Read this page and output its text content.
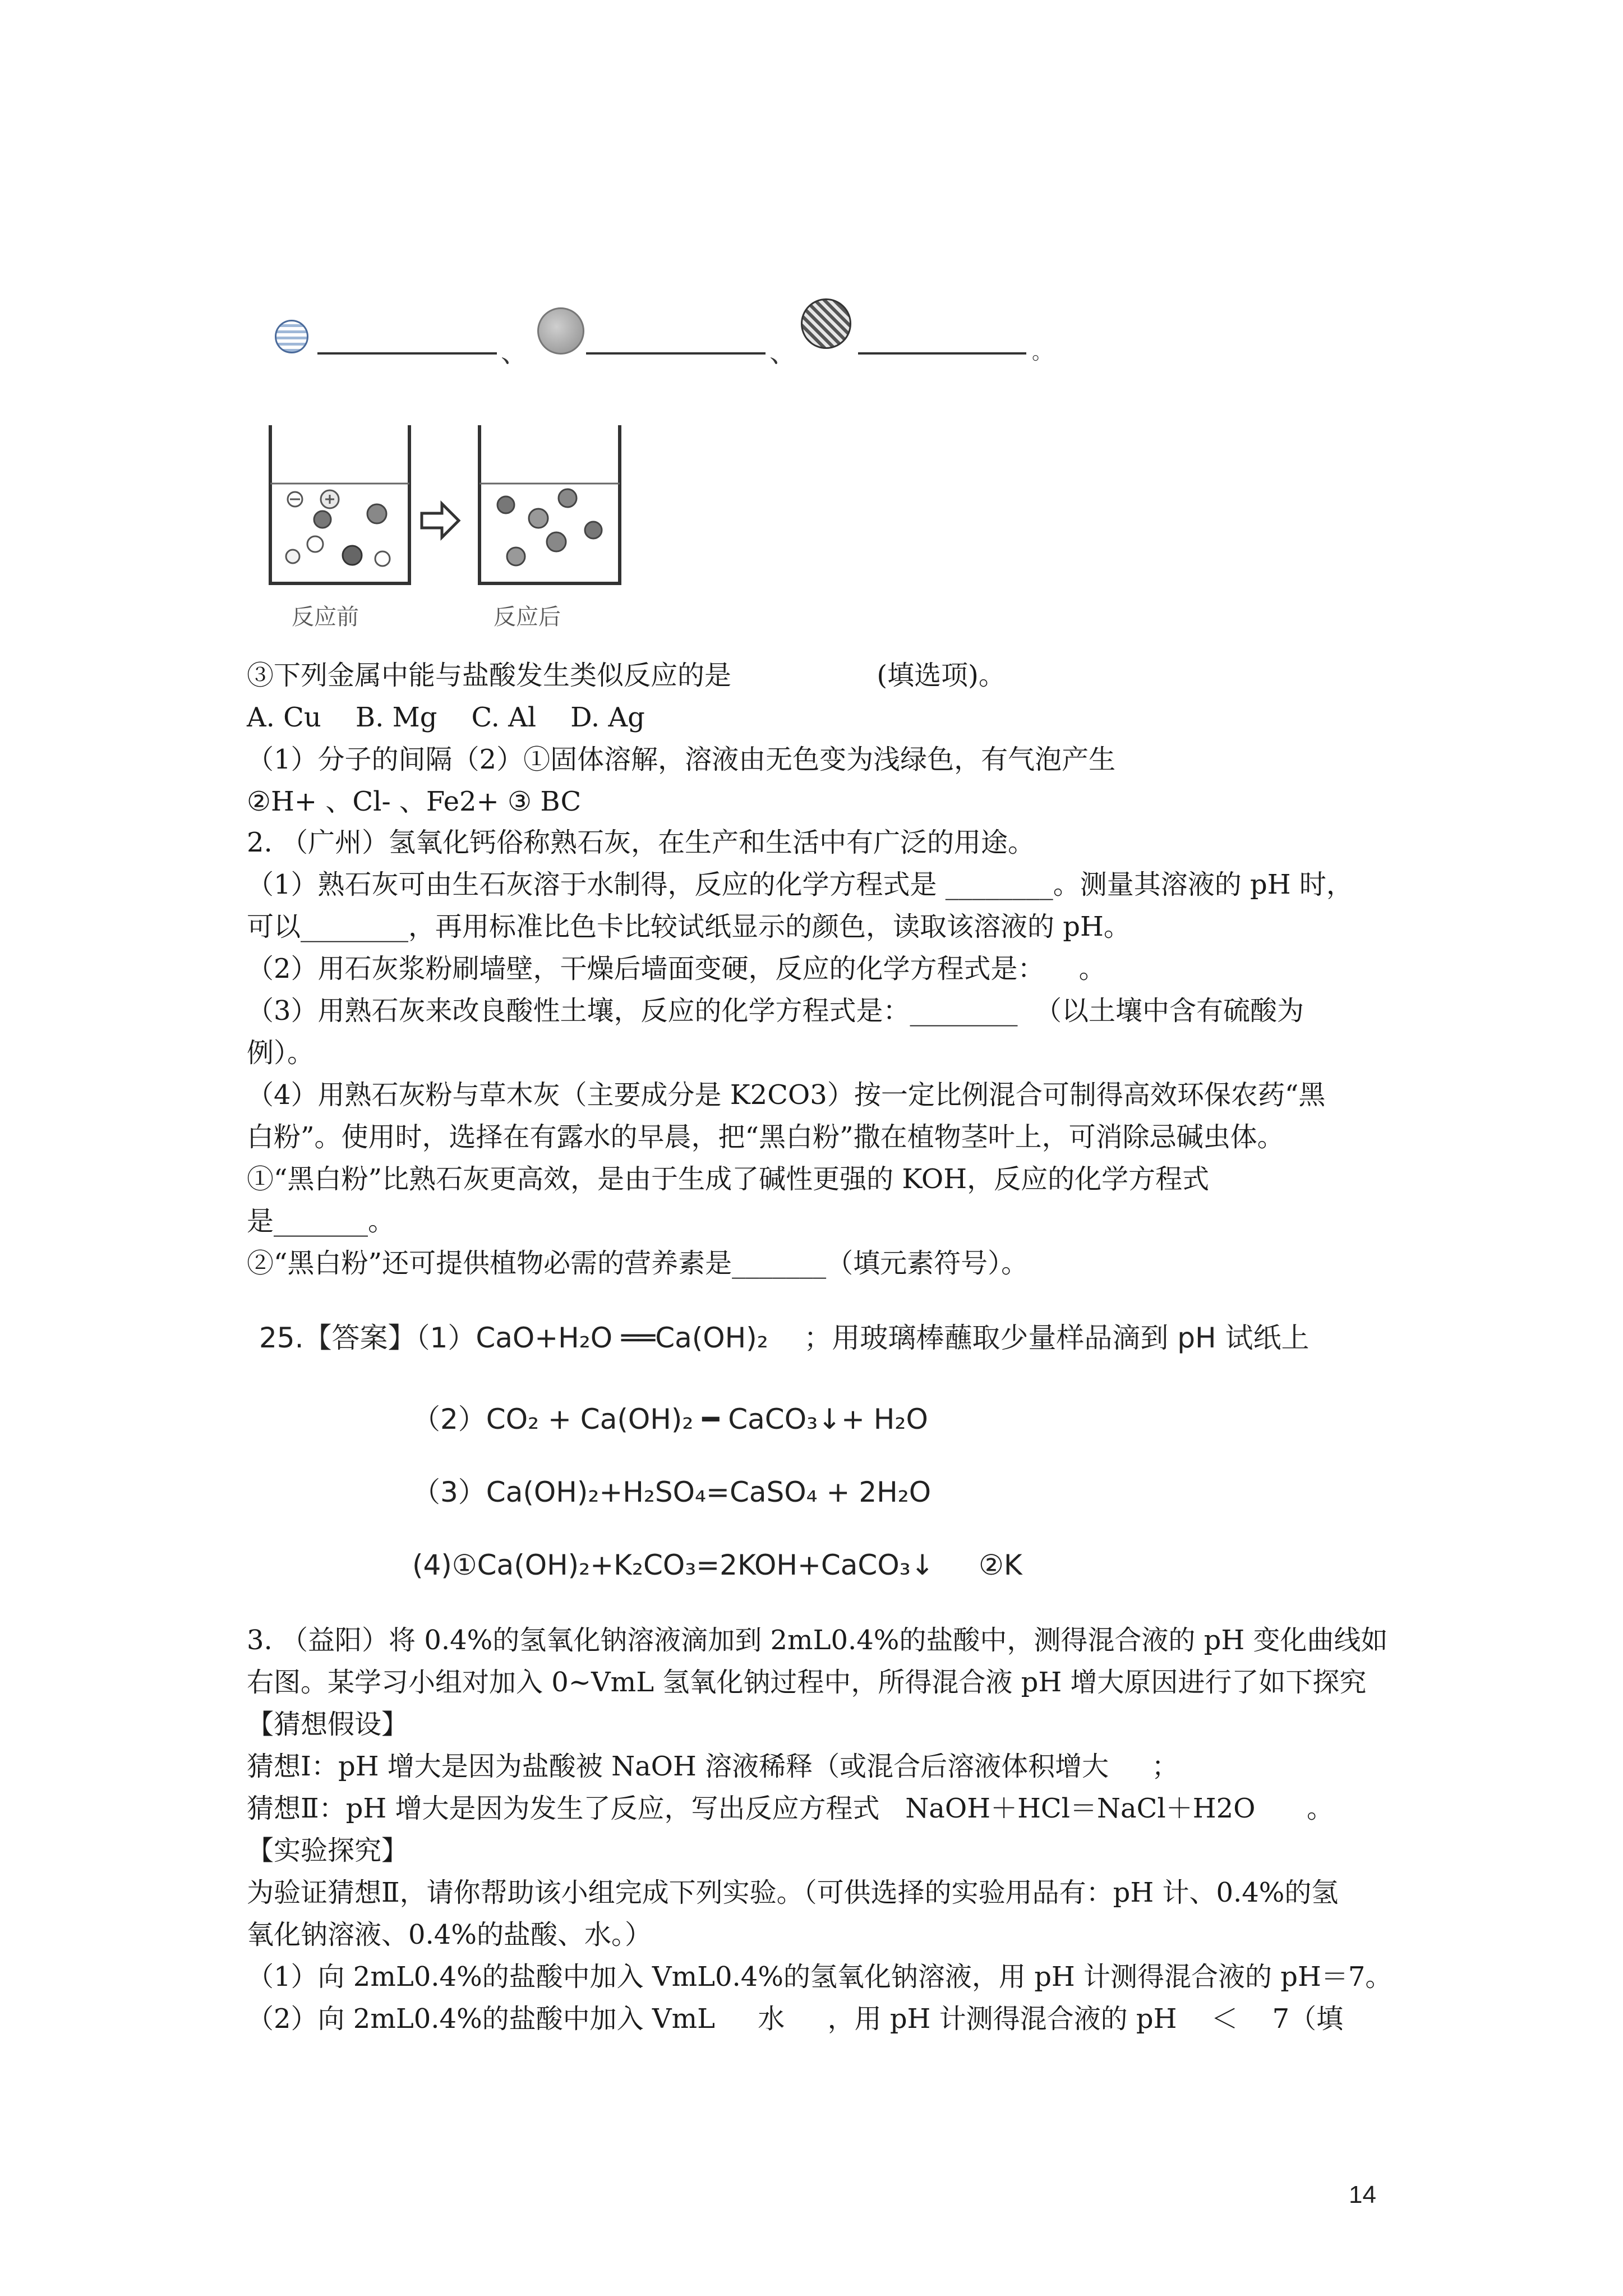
、	、	。
反应前	反应后
③下列金属中能与盐酸发生类似反应的是                 (填选项)。
A. Cu    B. Mg    C. Al    D. Ag
（1）分子的间隔（2）①固体溶解，溶液由无色变为浅绿色，有气泡产生
②H+ 、Cl- 、Fe2+ ③ BC
2. （广州）氢氧化钙俗称熟石灰，在生产和生活中有广泛的用途。
（1）熟石灰可由生石灰溶于水制得，反应的化学方程式是 ________。测量其溶液的 pH 时，
可以________，再用标准比色卡比较试纸显示的颜色，读取该溶液的 pH。
（2）用石灰浆粉刷墙壁，干燥后墙面变硬，反应的化学方程式是：    。
（3）用熟石灰来改良酸性土壤，反应的化学方程式是：________  （以土壤中含有硫酸为
例）。
（4）用熟石灰粉与草木灰（主要成分是 K2CO3）按一定比例混合可制得高效环保农药“黑
白粉”。使用时，选择在有露水的早晨，把“黑白粉”撒在植物茎叶上，可消除忌碱虫体。
①“黑白粉”比熟石灰更高效，是由于生成了碱性更强的 KOH，反应的化学方程式
是_______。
②“黑白粉”还可提供植物必需的营养素是_______（填元素符号）。
25.【答案】（1）CaO+H₂O ══Ca(OH)₂    ；用玻璃棒蘸取少量样品滴到 pH 试纸上
（2）CO₂ + Ca(OH)₂ ━ CaCO₃↓+ H₂O
（3）Ca(OH)₂+H₂SO₄=CaSO₄ + 2H₂O
(4)①Ca(OH)₂+K₂CO₃=2KOH+CaCO₃↓     ②K
3. （益阳）将 0.4%的氢氧化钠溶液滴加到 2mL0.4%的盐酸中，测得混合液的 pH 变化曲线如
右图。某学习小组对加入 0~VmL 氢氧化钠过程中，所得混合液 pH 增大原因进行了如下探究
【猜想假设】
猜想Ⅰ：pH 增大是因为盐酸被 NaOH 溶液稀释（或混合后溶液体积增大     ；
猜想Ⅱ：pH 增大是因为发生了反应，写出反应方程式   NaOH＋HCl＝NaCl＋H2O      。
【实验探究】
为验证猜想Ⅱ，请你帮助该小组完成下列实验。（可供选择的实验用品有：pH 计、0.4%的氢
氧化钠溶液、0.4%的盐酸、水。）
（1）向 2mL0.4%的盐酸中加入 VmL0.4%的氢氧化钠溶液，用 pH 计测得混合液的 pH＝7。
（2）向 2mL0.4%的盐酸中加入 VmL     水     ，用 pH 计测得混合液的 pH    ＜    7（填
14
